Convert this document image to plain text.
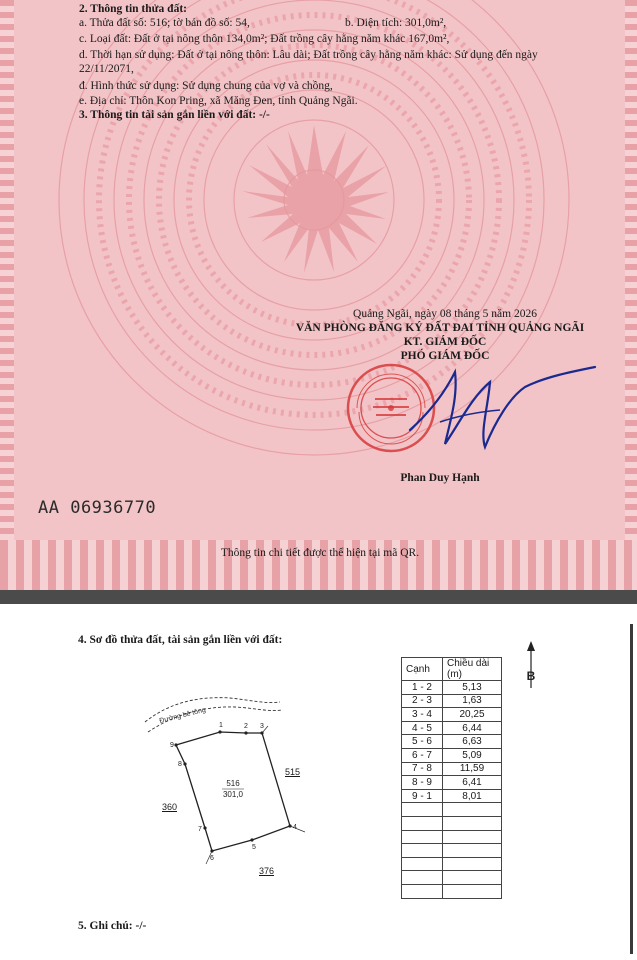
2. Thông tin thửa đất:
a. Thửa đất số: 516; tờ bản đồ số: 54,	b. Diện tích: 301,0m²,
c. Loại đất: Đất ở tại nông thôn 134,0m²; Đất trồng cây hằng năm khác 167,0m²,
d. Thời hạn sử dụng: Đất ở tại nông thôn: Lâu dài; Đất trồng cây hằng năm khác: Sử dụng đến ngày
22/11/2071,
đ. Hình thức sử dụng: Sử dụng chung của vợ và chồng,
e. Địa chỉ: Thôn Kon Pring, xã Măng Đen, tỉnh Quảng Ngãi.
3. Thông tin tài sản gắn liền với đất: -/-
Quảng Ngãi, ngày 08 tháng 5 năm 2026
VĂN PHÒNG ĐĂNG KÝ ĐẤT ĐAI TỈNH QUẢNG NGÃI
KT. GIÁM ĐỐC
PHÓ GIÁM ĐỐC
Phan Duy Hạnh
AA 06936770
Thông tin chi tiết được thể hiện tại mã QR.
4. Sơ đồ thửa đất, tài sản gắn liền với đất:
Cạnh	Chiều dài (m)
1 - 2	5,13
2 - 3	1,63
3 - 4	20,25
4 - 5	6,44
5 - 6	6,63
6 - 7	5,09
7 - 8	11,59
8 - 9	6,41
9 - 1	8,01

B
Đường bê tông
1	2 3
4
5
6
7
8
9
516
301,0
515
360
376
5. Ghi chú: -/-
